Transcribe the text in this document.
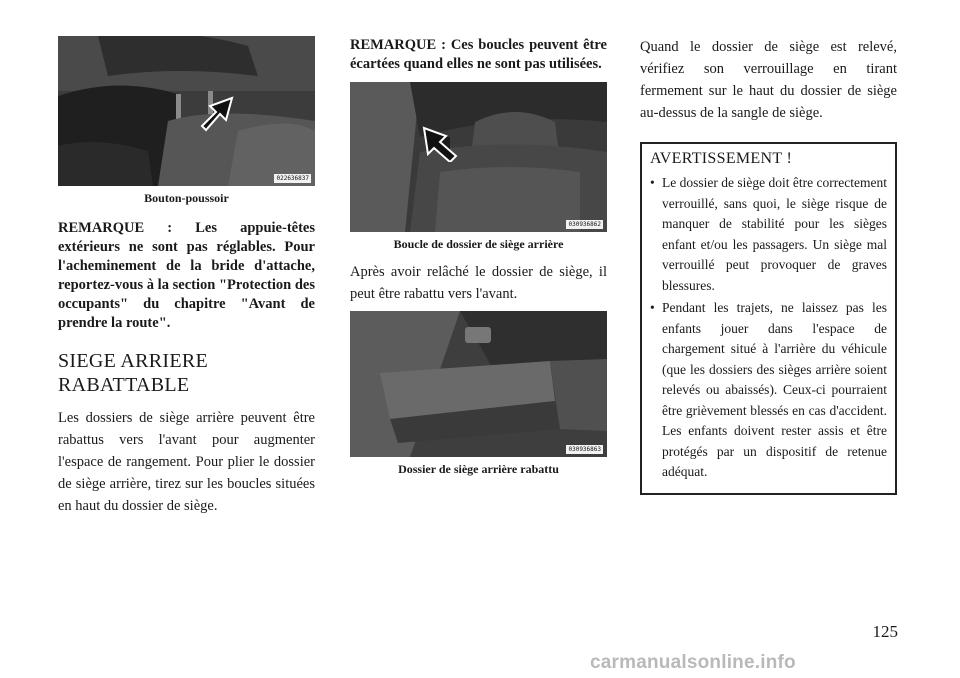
022636837
Bouton-poussoir

REMARQUE : Les appuie-têtes extérieurs ne sont pas réglables. Pour l'acheminement de la bride d'attache, reportez-vous à la section "Protection des occupants" du chapitre "Avant de prendre la route".

SIEGE ARRIERE
RABATTABLE

Les dossiers de siège arrière peuvent être rabattus vers l'avant pour augmenter l'espace de rangement. Pour plier le dossier de siège arrière, tirez sur les boucles situées en haut du dossier de siège.

REMARQUE : Ces boucles peuvent être écartées quand elles ne sont pas utilisées.

030936862
Boucle de dossier de siège arrière

Après avoir relâché le dossier de siège, il peut être rabattu vers l'avant.

030936863
Dossier de siège arrière rabattu

Quand le dossier de siège est relevé, vérifiez son verrouillage en tirant fermement sur le haut du dossier de siège au-dessus de la sangle de siège.

AVERTISSEMENT !
• Le dossier de siège doit être correctement verrouillé, sans quoi, le siège risque de manquer de stabilité pour les sièges enfant et/ou les passagers. Un siège mal verrouillé peut provoquer de graves blessures.
• Pendant les trajets, ne laissez pas les enfants jouer dans l'espace de chargement situé à l'arrière du véhicule (que les dossiers des sièges arrière soient relevés ou abaissés). Ceux-ci pourraient être grièvement blessés en cas d'accident. Les enfants doivent rester assis et être protégés par un dispositif de retenue adéquat.
125
carmanualsonline.info
